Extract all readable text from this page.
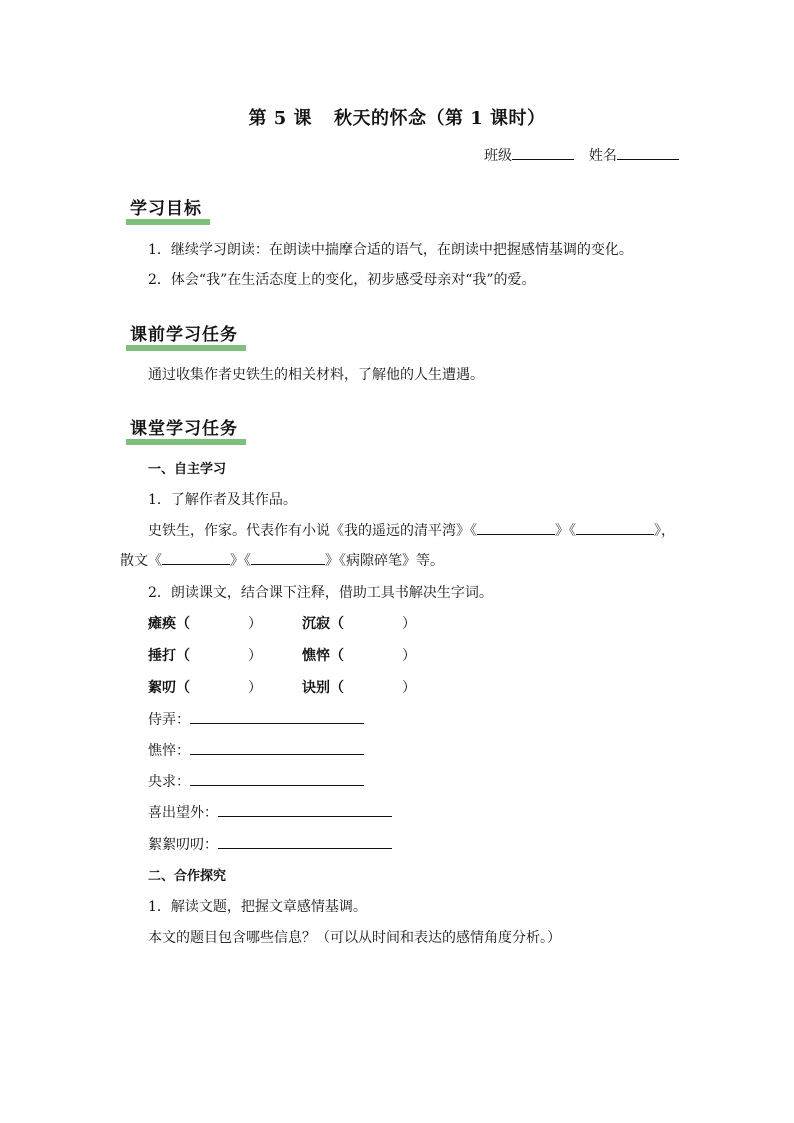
第 5 课 秋天的怀念（第 1 课时）
班级	姓名
学习目标
1．继续学习朗读：在朗读中揣摩合适的语气，在朗读中把握感情基调的变化。
2．体会“我”在生活态度上的变化，初步感受母亲对“我”的爱。
课前学习任务
通过收集作者史铁生的相关材料，了解他的人生遭遇。
课堂学习任务
一、自主学习
1．了解作者及其作品。
史铁生，作家。代表作有小说《我的遥远的清平湾》《	》《	》，
散文《	》《	》《病隙碎笔》等。
2．朗读课文，结合课下注释，借助工具书解决生字词。
瘫痪（	）	沉寂（	）
捶打（	）	憔悴（	）
絮叨（	）	诀别（	）
侍弄：
憔悴：
央求：
喜出望外：
絮絮叨叨：
二、合作探究
1．解读文题，把握文章感情基调。
本文的题目包含哪些信息？（可以从时间和表达的感情角度分析。）
